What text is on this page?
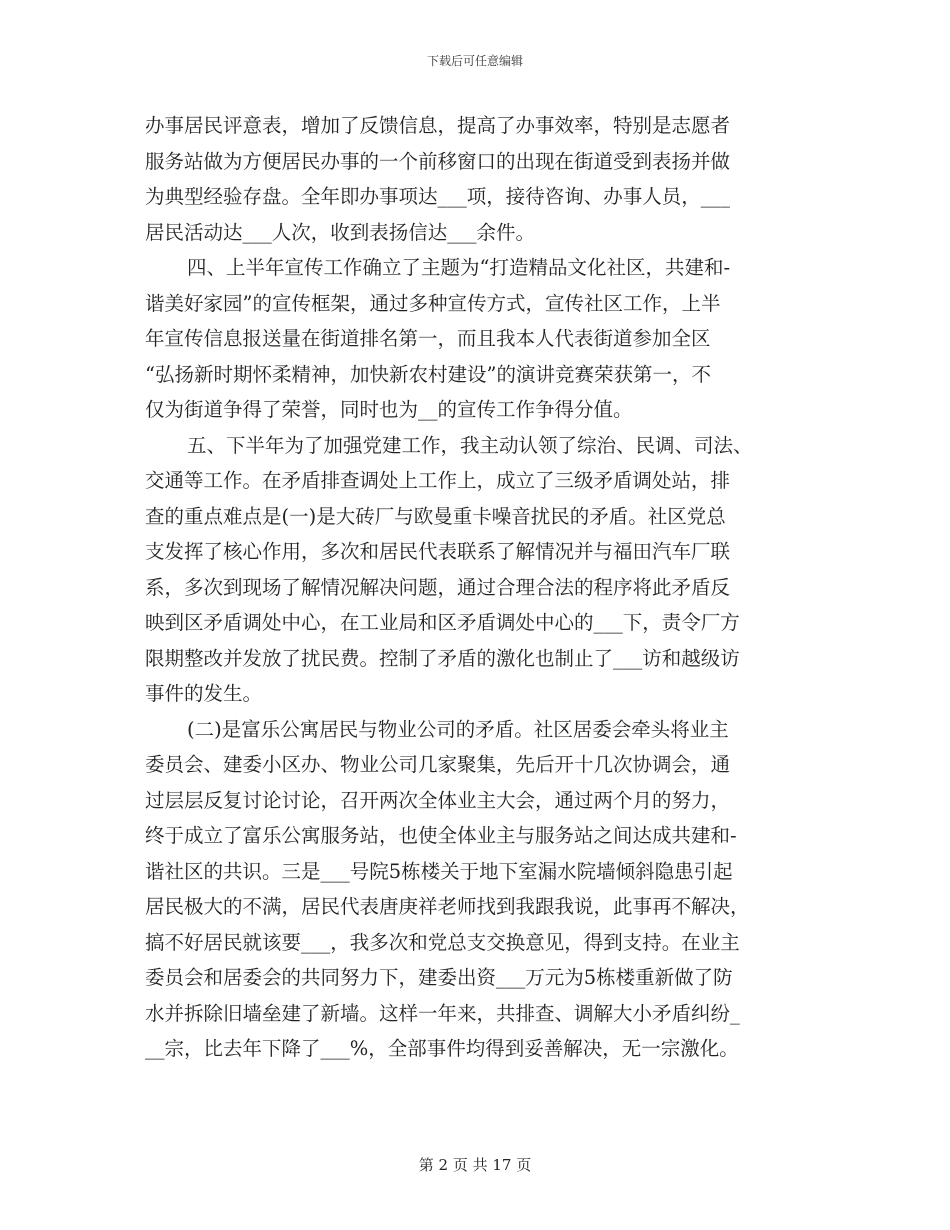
下载后可任意编辑
办事居民评意表，增加了反馈信息，提高了办事效率，特别是志愿者
服务站做为方便居民办事的一个前移窗口的出现在街道受到表扬并做
为典型经验存盘。全年即办事项达___项，接待咨询、办事人员，___
居民活动达___人次，收到表扬信达___余件。
四、上半年宣传工作确立了主题为“打造精品文化社区，共建和-
谐美好家园”的宣传框架，通过多种宣传方式，宣传社区工作，上半
年宣传信息报送量在街道排名第一，而且我本人代表街道参加全区
“弘扬新时期怀柔精神，加快新农村建设”的演讲竞赛荣获第一，不
仅为街道争得了荣誉，同时也为__的宣传工作争得分值。
五、下半年为了加强党建工作，我主动认领了综治、民调、司法、
交通等工作。在矛盾排查调处上工作上，成立了三级矛盾调处站，排
查的重点难点是(一)是大砖厂与欧曼重卡噪音扰民的矛盾。社区党总
支发挥了核心作用，多次和居民代表联系了解情况并与福田汽车厂联
系，多次到现场了解情况解决问题，通过合理合法的程序将此矛盾反
映到区矛盾调处中心，在工业局和区矛盾调处中心的___下，责令厂方
限期整改并发放了扰民费。控制了矛盾的激化也制止了___访和越级访
事件的发生。
(二)是富乐公寓居民与物业公司的矛盾。社区居委会牵头将业主
委员会、建委小区办、物业公司几家聚集，先后开十几次协调会，通
过层层反复讨论讨论，召开两次全体业主大会，通过两个月的努力，
终于成立了富乐公寓服务站，也使全体业主与服务站之间达成共建和-
谐社区的共识。三是___号院5栋楼关于地下室漏水院墙倾斜隐患引起
居民极大的不满，居民代表唐庚祥老师找到我跟我说，此事再不解决，
搞不好居民就该要___，我多次和党总支交换意见，得到支持。在业主
委员会和居委会的共同努力下，建委出资___万元为5栋楼重新做了防
水并拆除旧墙垒建了新墙。这样一年来，共排查、调解大小矛盾纠纷_
__宗，比去年下降了___%，全部事件均得到妥善解决，无一宗激化。
第 2 页 共 17 页
